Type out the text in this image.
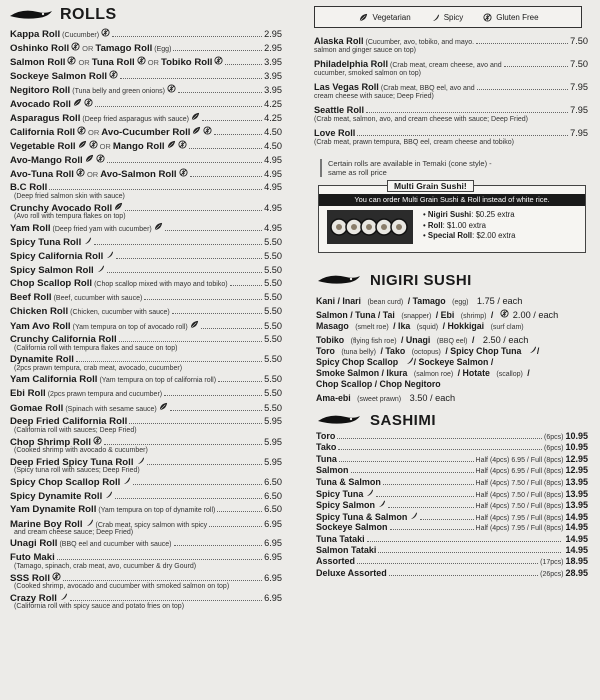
ROLLS
Kappa Roll (Cucumber)	2.95
Oshinko Roll OR Tamago Roll (Egg)	2.95
Salmon Roll OR Tuna Roll OR Tobiko Roll	3.95
Sockeye Salmon Roll	3.95
Negitoro Roll (Tuna belly and green onions)	3.95
Avocado Roll	4.25
Asparagus Roll (Deep fried asparagus with sauce)	4.25
California Roll OR Avo-Cucumber Roll	4.50
Vegetable Roll	OR Mango Roll	4.50
Avo-Mango Roll	4.95
Avo-Tuna Roll OR Avo-Salmon Roll	4.95
B.C Roll	4.95
(Deep fried salmon skin with sauce)
Crunchy Avocado Roll	4.95
(Avo roll with tempura flakes on top)
Yam Roll (Deep fried yam with cucumber)	4.95
Spicy Tuna Roll	5.50
Spicy California Roll	5.50
Spicy Salmon Roll	5.50
Chop Scallop Roll (Chop scallop mixed with mayo and tobiko)	5.50
Beef Roll (Beef, cucumber with sauce)	5.50
Chicken Roll (Chicken, cucumber with sauce)	5.50
Yam Avo Roll (Yam tempura on top of avocado roll)	5.50
Crunchy California Roll	5.50
(California roll with tempura flakes and sauce on top)
Dynamite Roll	5.50
(2pcs prawn tempura, crab meat, avocado, cucumber)
Yam California Roll (Yam tempura on top of california roll)	5.50
Ebi Roll (2pcs prawn tempura and cucumber)	5.50
Gomae Roll (Spinach with sesame sauce)	5.50
Deep Fried California Roll	5.95
(California roll with sauces; Deep Fried)
Chop Shrimp Roll	5.95
(Cooked shrimp with avocado & cucumber)
Deep Fried Spicy Tuna Roll	5.95
(Spicy tuna roll with sauces; Deep Fried)
Spicy Chop Scallop Roll	6.50
Spicy Dynamite Roll	6.50
Yam Dynamite Roll (Yam tempura on top of dynamite roll)	6.50
Marine Boy Roll (Crab meat, spicy salmon with spicy	6.95
and cream cheese sauce; Deep Fried)
Unagi Roll (BBQ eel and cucumber with sauce)	6.95
Futo Maki	6.95
(Tamago, spinach, crab meat, avo, cucumber & dry Gourd)
SSS Roll	6.95
(Cooked shrimp, avocado and cucumber with smoked salmon on top)
Crazy Roll	6.95
(California roll with spicy sauce and potato fries on top)
Vegetarian	Spicy	Gluten Free
Alaska Roll (Cucumber, avo, tobiko, and mayo.	7.50
salmon and ginger sauce on top)
Philadelphia Roll (Crab meat, cream cheese, avo and	7.50
cucumber, smoked salmon on top)
Las Vegas Roll (Crab meat, BBQ eel, avo and	7.95
cream cheese with sauce; Deep Fried)
Seattle Roll	7.95
(Crab meat, salmon, avo, and cream cheese with sauce; Deep Fried)
Love Roll	7.95
(Crab meat, prawn tempura, BBQ eel, cream cheese and tobiko)
Certain rolls are available in Temaki (cone style) -
same as roll price
Multi Grain Sushi!
You can order Multi Grain Sushi & Roll instead of white rice.
• Nigiri Sushi: $0.25 extra
• Roll: $1.00 extra
• Special Roll: $2.00 extra
NIGIRI SUSHI
Kani / Inari (bean curd) / Tamago (egg) 1.75 / each
Salmon / Tuna / Tai (snapper) / Ebi (shrimp) / 2.00 / each
Masago (smelt roe) / Ika (squid) / Hokkigai (surf clam)
Tobiko (flying fish roe) / Unagi (BBQ eel) / 2.50 / each
Toro (tuna belly) / Tako (octopus) / Spicy Chop Tuna /
Spicy Chop Scallop / Sockeye Salmon /
Smoke Salmon / Ikura (salmon roe) / Hotate (scallop) /
Chop Scallop / Chop Negitoro
Ama-ebi (sweet prawn) 3.50 / each
SASHIMI
Toro	(6pcs) 10.95
Tako	(6pcs) 10.95
Tuna	Half (4pcs) 6.95 / Full (8pcs) 12.95
Salmon	Half (4pcs) 6.95 / Full (8pcs) 12.95
Tuna & Salmon	Half (4pcs) 7.50 / Full (8pcs) 13.95
Spicy Tuna	Half (4pcs) 7.50 / Full (8pcs) 13.95
Spicy Salmon	Half (4pcs) 7.50 / Full (8pcs) 13.95
Spicy Tuna & Salmon	Half (4pcs) 7.95 / Full (8pcs) 14.95
Sockeye Salmon	Half (4pcs) 7.95 / Full (8pcs) 14.95
Tuna Tataki	14.95
Salmon Tataki	14.95
Assorted	(17pcs) 18.95
Deluxe Assorted	(26pcs) 28.95
